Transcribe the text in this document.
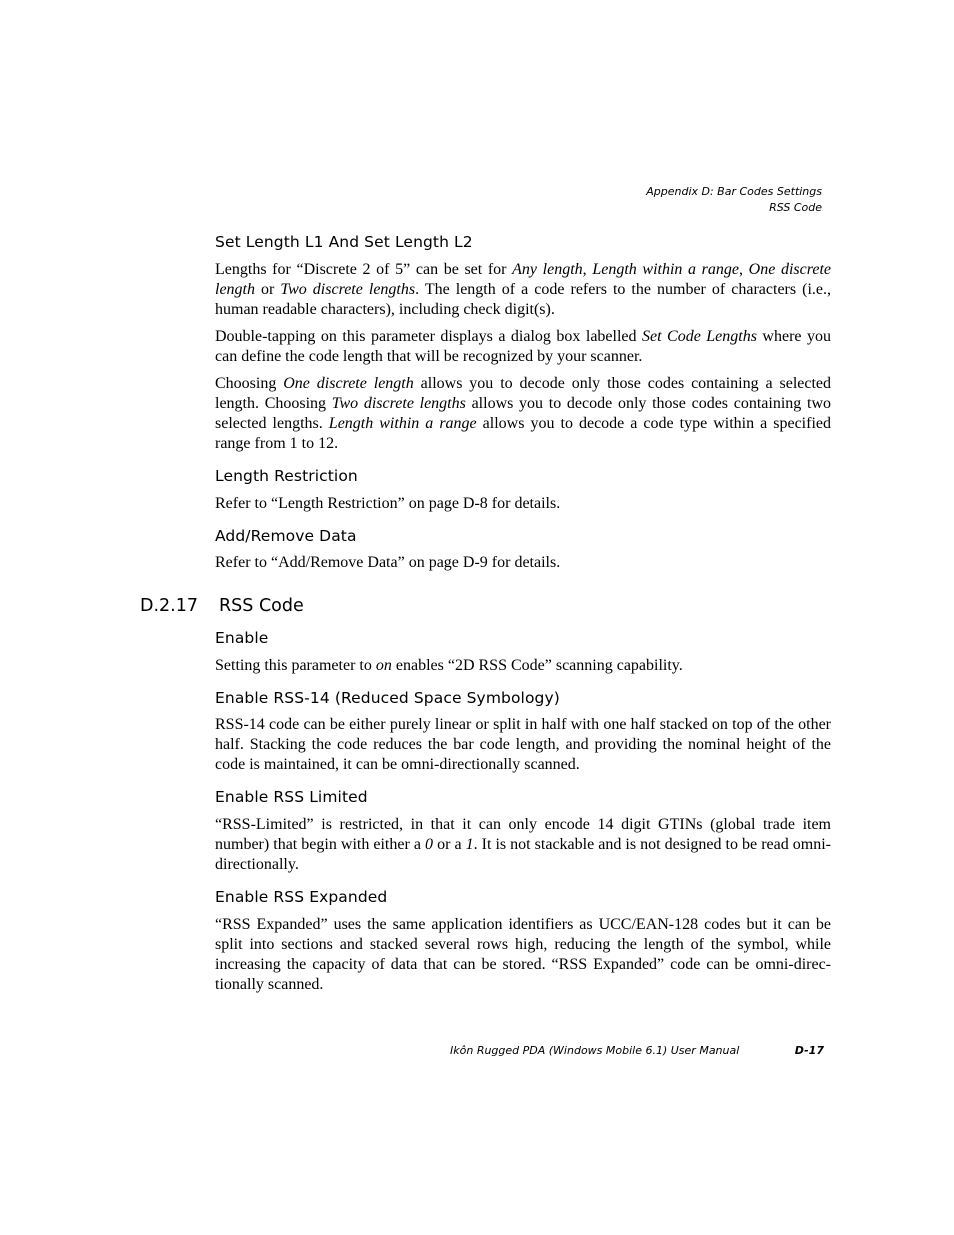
Appendix D: Bar Codes Settings
RSS Code
Set Length L1 And Set Length L2

Lengths for “Discrete 2 of 5” can be set for Any length, Length within a range, One discrete length or Two discrete lengths. The length of a code refers to the number of characters (i.e., human readable characters), including check digit(s).

Double-tapping on this parameter displays a dialog box labelled Set Code Lengths where you can define the code length that will be recognized by your scanner.

Choosing One discrete length allows you to decode only those codes containing a selected length. Choosing Two discrete lengths allows you to decode only those codes containing two selected lengths. Length within a range allows you to decode a code type within a specified range from 1 to 12.

Length Restriction

Refer to “Length Restriction” on page D-8 for details.

Add/Remove Data

Refer to “Add/Remove Data” on page D-9 for details.

D.2.17 RSS Code
Enable

Setting this parameter to on enables “2D RSS Code” scanning capability.

Enable RSS-14 (Reduced Space Symbology)

RSS-14 code can be either purely linear or split in half with one half stacked on top of the other half. Stacking the code reduces the bar code length, and providing the nominal height of the code is maintained, it can be omni-directionally scanned.

Enable RSS Limited

“RSS-Limited” is restricted, in that it can only encode 14 digit GTINs (global trade item number) that begin with either a 0 or a 1. It is not stackable and is not designed to be read omni-directionally.

Enable RSS Expanded

“RSS Expanded” uses the same application identifiers as UCC/EAN-128 codes but it can be split into sections and stacked several rows high, reducing the length of the symbol, while increasing the capacity of data that can be stored. “RSS Expanded” code can be omni-direc-tionally scanned.

Ikôn Rugged PDA (Windows Mobile 6.1) User Manual	D-17
